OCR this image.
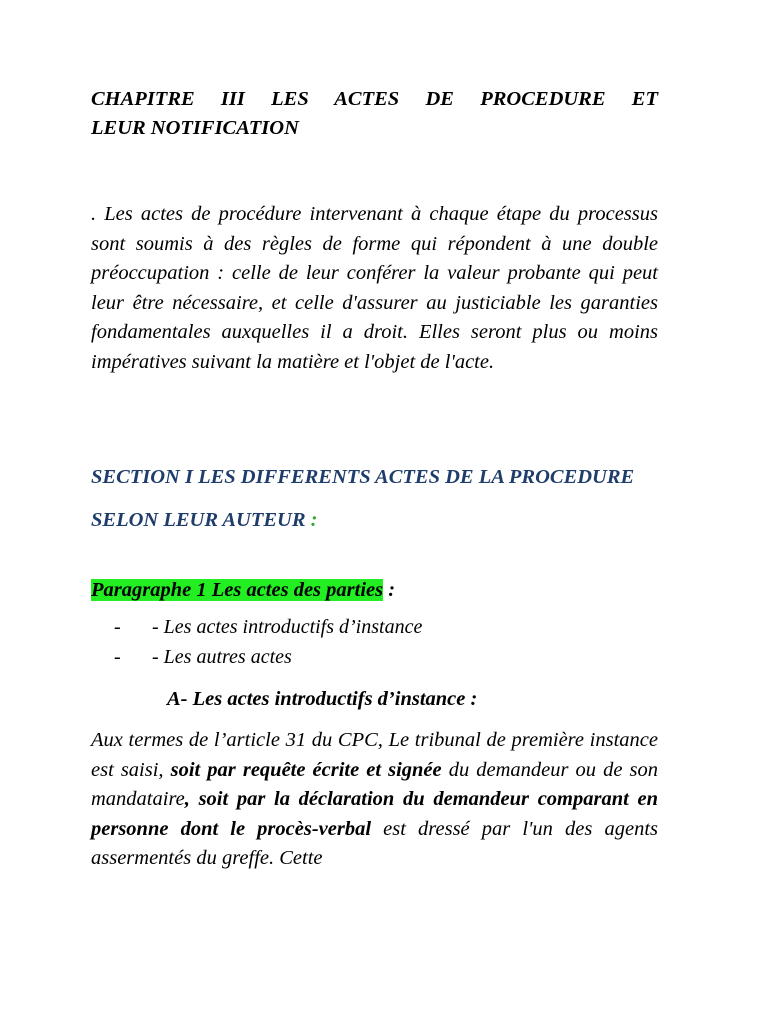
CHAPITRE III LES ACTES DE PROCEDURE ET
LEUR NOTIFICATION

. Les actes de procédure intervenant à chaque étape du processus sont soumis à des règles de forme qui répondent à une double préoccupation : celle de leur conférer la valeur probante qui peut leur être nécessaire, et celle d'assurer au justiciable les garanties fondamentales auxquelles il a droit. Elles seront plus ou moins impératives suivant la matière et l'objet de l'acte.

SECTION I LES DIFFERENTS ACTES DE LA PROCEDURE
SELON LEUR AUTEUR :
Paragraphe 1 Les actes des parties :
- - Les actes introductifs d’instance
- - Les autres actes
A- Les actes introductifs d’instance :

Aux termes de l’article 31 du CPC, Le tribunal de première instance est saisi, soit par requête écrite et signée du demandeur ou de son mandataire, soit par la déclaration du demandeur comparant en personne dont le procès-verbal est dressé par l'un des agents assermentés du greffe. Cette
